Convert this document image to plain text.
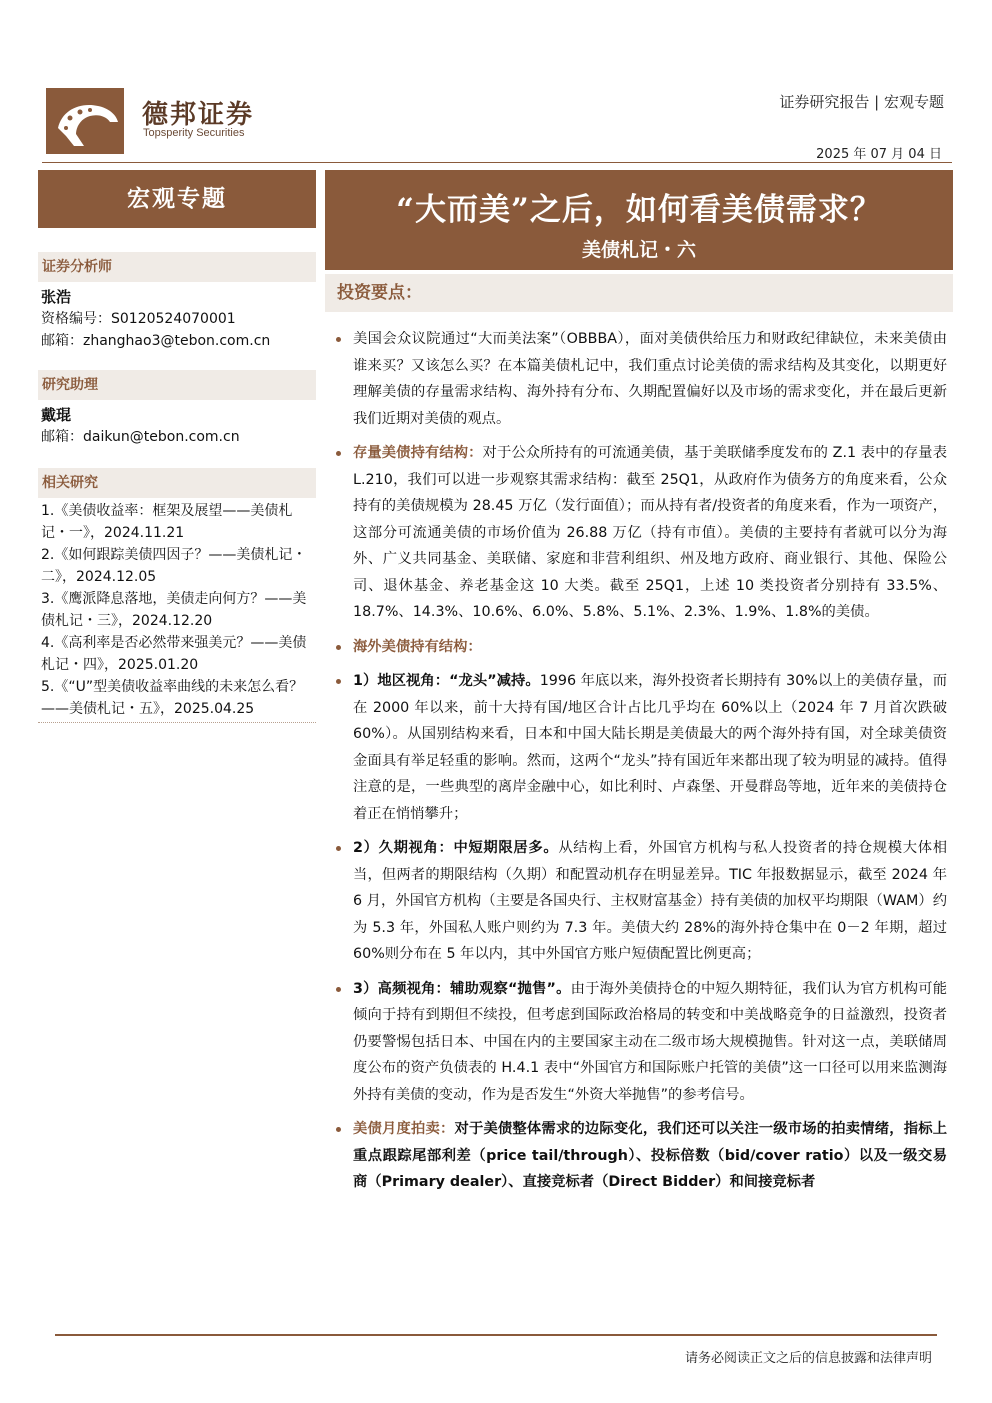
德邦证券
Topsperity Securities
证券研究报告 | 宏观专题
2025 年 07 月 04 日
宏观专题
证券分析师
张浩
资格编号：S0120524070001
邮箱：zhanghao3@tebon.com.cn
研究助理
戴琨
邮箱：daikun@tebon.com.cn
相关研究
1.《美债收益率：框架及展望——美债札记・一》，2024.11.21
2.《如何跟踪美债四因子？——美债札记・二》，2024.12.05
3.《鹰派降息落地，美债走向何方？——美债札记・三》，2024.12.20
4.《高利率是否必然带来强美元？——美债札记・四》，2025.01.20
5.《“U”型美债收益率曲线的未来怎么看？——美债札记・五》，2025.04.25
“大而美”之后，如何看美债需求？
美债札记・六
投资要点：
美国会众议院通过“大而美法案”（OBBBA），面对美债供给压力和财政纪律缺位，未来美债由谁来买？又该怎么买？在本篇美债札记中，我们重点讨论美债的需求结构及其变化，以期更好理解美债的存量需求结构、海外持有分布、久期配置偏好以及市场的需求变化，并在最后更新我们近期对美债的观点。
存量美债持有结构：对于公众所持有的可流通美债，基于美联储季度发布的 Z.1 表中的存量表 L.210，我们可以进一步观察其需求结构：截至 25Q1，从政府作为债务方的角度来看，公众持有的美债规模为 28.45 万亿（发行面值）；而从持有者/投资者的角度来看，作为一项资产，这部分可流通美债的市场价值为 26.88 万亿（持有市值）。美债的主要持有者就可以分为海外、广义共同基金、美联储、家庭和非营利组织、州及地方政府、商业银行、其他、保险公司、退休基金、养老基金这 10 大类。截至 25Q1，上述 10 类投资者分别持有 33.5%、18.7%、14.3%、10.6%、6.0%、5.8%、5.1%、2.3%、1.9%、1.8%的美债。
海外美债持有结构：
1）地区视角：“龙头”减持。1996 年底以来，海外投资者长期持有 30%以上的美债存量，而在 2000 年以来，前十大持有国/地区合计占比几乎均在 60%以上（2024 年 7 月首次跌破 60%）。从国别结构来看，日本和中国大陆长期是美债最大的两个海外持有国，对全球美债资金面具有举足轻重的影响。然而，这两个“龙头”持有国近年来都出现了较为明显的减持。值得注意的是，一些典型的离岸金融中心，如比利时、卢森堡、开曼群岛等地，近年来的美债持仓着正在悄悄攀升；
2）久期视角：中短期限居多。从结构上看，外国官方机构与私人投资者的持仓规模大体相当，但两者的期限结构（久期）和配置动机存在明显差异。TIC 年报数据显示，截至 2024 年 6 月，外国官方机构（主要是各国央行、主权财富基金）持有美债的加权平均期限（WAM）约为 5.3 年，外国私人账户则约为 7.3 年。美债大约 28%的海外持仓集中在 0－2 年期，超过 60%则分布在 5 年以内，其中外国官方账户短债配置比例更高；
3）高频视角：辅助观察“抛售”。由于海外美债持仓的中短久期特征，我们认为官方机构可能倾向于持有到期但不续投，但考虑到国际政治格局的转变和中美战略竞争的日益激烈，投资者仍要警惕包括日本、中国在内的主要国家主动在二级市场大规模抛售。针对这一点，美联储周度公布的资产负债表的 H.4.1 表中“外国官方和国际账户托管的美债”这一口径可以用来监测海外持有美债的变动，作为是否发生“外资大举抛售”的参考信号。
美债月度拍卖：对于美债整体需求的边际变化，我们还可以关注一级市场的拍卖情绪，指标上重点跟踪尾部利差（price tail/through）、投标倍数（bid/cover ratio）以及一级交易商（Primary dealer）、直接竞标者（Direct Bidder）和间接竞标者
请务必阅读正文之后的信息披露和法律声明
